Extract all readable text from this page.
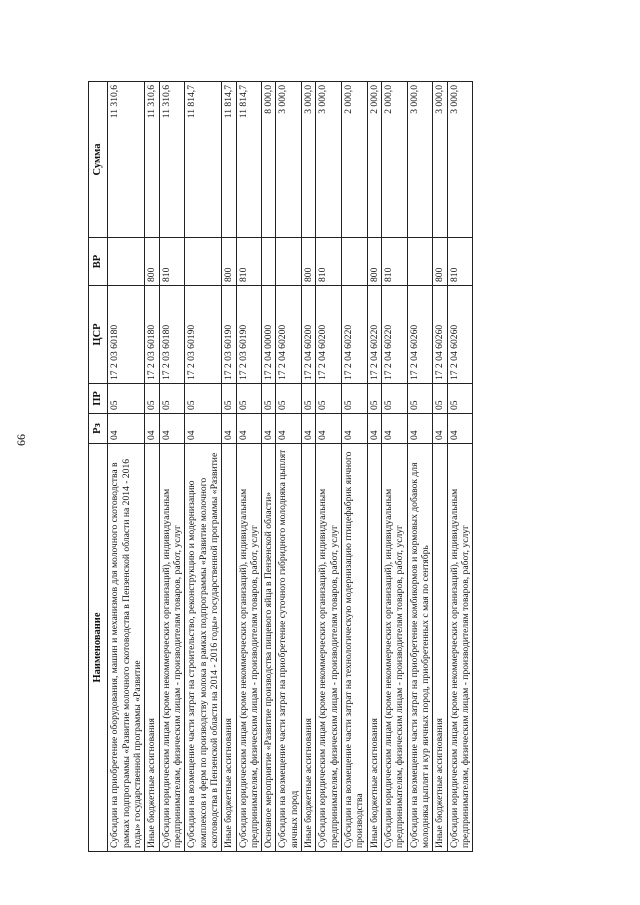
66
Наименование	Рз	ПР	ЦСР	ВР	Сумма
Субсидии на приобретение оборудования, машин и механизмов для молочного скотоводства в рамках подпрограммы «Развитие молочного скотоводства в Пензенской области на 2014 - 2016 годы» государственной программы «Развитие	04	05	17 2 03 60180		11 310,6
Иные бюджетные ассигнования	04	05	17 2 03 60180	800	11 310,6
Субсидии юридическим лицам (кроме некоммерческих организаций), индивидуальным предпринимателям, физическим лицам - производителям товаров, работ, услуг	04	05	17 2 03 60180	810	11 310,6
Субсидии на возмещение части затрат на строительство, реконструкцию и модернизацию комплексов и ферм по производству молока в рамках подпрограммы «Развитие молочного скотоводства в Пензенской области на 2014 - 2016 годы» государственной программы «Развитие	04	05	17 2 03 60190		11 814,7
Иные бюджетные ассигнования	04	05	17 2 03 60190	800	11 814,7
Субсидии юридическим лицам (кроме некоммерческих организаций), индивидуальным предпринимателям, физическим лицам - производителям товаров, работ, услуг	04	05	17 2 03 60190	810	11 814,7
Основное мероприятие «Развитие производства пищевого яйца в Пензенской области»	04	05	17 2 04 00000		8 000,0
Субсидии на возмещение части затрат на приобретение суточного гибридного молодняка цыплят яичных пород	04	05	17 2 04 60200		3 000,0
Иные бюджетные ассигнования	04	05	17 2 04 60200	800	3 000,0
Субсидии юридическим лицам (кроме некоммерческих организаций), индивидуальным предпринимателям, физическим лицам - производителям товаров, работ, услуг	04	05	17 2 04 60200	810	3 000,0
Субсидии на возмещение части затрат на технологическую модернизацию птицефабрик яичного производства	04	05	17 2 04 60220		2 000,0
Иные бюджетные ассигнования	04	05	17 2 04 60220	800	2 000,0
Субсидии юридическим лицам (кроме некоммерческих организаций), индивидуальным предпринимателям, физическим лицам - производителям товаров, работ, услуг	04	05	17 2 04 60220	810	2 000,0
Субсидии на возмещение части затрат на приобретение комбикормов и кормовых добавок для молодняка цыплят и кур яичных пород, приобретенных с мая по сентябрь	04	05	17 2 04 60260		3 000,0
Иные бюджетные ассигнования	04	05	17 2 04 60260	800	3 000,0
Субсидии юридическим лицам (кроме некоммерческих организаций), индивидуальным предпринимателям, физическим лицам - производителям товаров, работ, услуг	04	05	17 2 04 60260	810	3 000,0
